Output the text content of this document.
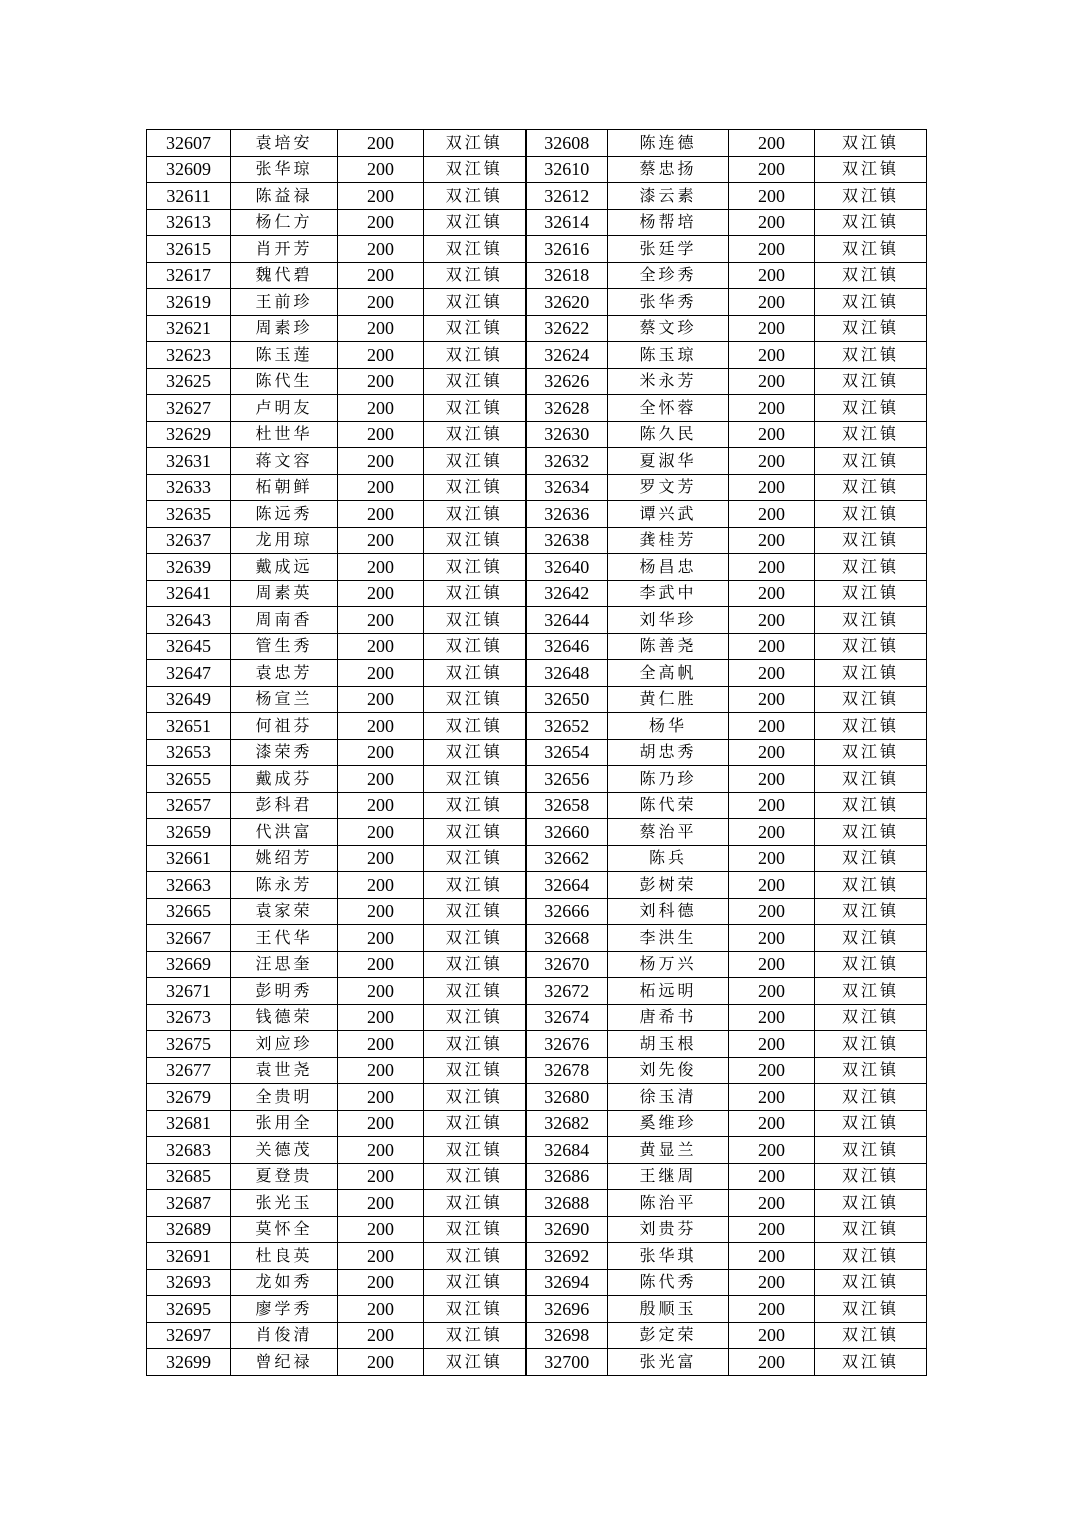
32607	袁培安	200	双江镇	32608	陈连德	200	双江镇
32609	张华琼	200	双江镇	32610	蔡忠扬	200	双江镇
32611	陈益禄	200	双江镇	32612	漆云素	200	双江镇
32613	杨仁方	200	双江镇	32614	杨帮培	200	双江镇
32615	肖开芳	200	双江镇	32616	张廷学	200	双江镇
32617	魏代碧	200	双江镇	32618	全珍秀	200	双江镇
32619	王前珍	200	双江镇	32620	张华秀	200	双江镇
32621	周素珍	200	双江镇	32622	蔡文珍	200	双江镇
32623	陈玉莲	200	双江镇	32624	陈玉琼	200	双江镇
32625	陈代生	200	双江镇	32626	米永芳	200	双江镇
32627	卢明友	200	双江镇	32628	全怀蓉	200	双江镇
32629	杜世华	200	双江镇	32630	陈久民	200	双江镇
32631	蒋文容	200	双江镇	32632	夏淑华	200	双江镇
32633	柘朝鲜	200	双江镇	32634	罗文芳	200	双江镇
32635	陈远秀	200	双江镇	32636	谭兴武	200	双江镇
32637	龙用琼	200	双江镇	32638	龚桂芳	200	双江镇
32639	戴成远	200	双江镇	32640	杨昌忠	200	双江镇
32641	周素英	200	双江镇	32642	李武中	200	双江镇
32643	周南香	200	双江镇	32644	刘华珍	200	双江镇
32645	管生秀	200	双江镇	32646	陈善尧	200	双江镇
32647	袁忠芳	200	双江镇	32648	全高帆	200	双江镇
32649	杨宣兰	200	双江镇	32650	黄仁胜	200	双江镇
32651	何祖芬	200	双江镇	32652	杨华	200	双江镇
32653	漆荣秀	200	双江镇	32654	胡忠秀	200	双江镇
32655	戴成芬	200	双江镇	32656	陈乃珍	200	双江镇
32657	彭科君	200	双江镇	32658	陈代荣	200	双江镇
32659	代洪富	200	双江镇	32660	蔡治平	200	双江镇
32661	姚绍芳	200	双江镇	32662	陈兵	200	双江镇
32663	陈永芳	200	双江镇	32664	彭树荣	200	双江镇
32665	袁家荣	200	双江镇	32666	刘科德	200	双江镇
32667	王代华	200	双江镇	32668	李洪生	200	双江镇
32669	汪思奎	200	双江镇	32670	杨万兴	200	双江镇
32671	彭明秀	200	双江镇	32672	柘远明	200	双江镇
32673	钱德荣	200	双江镇	32674	唐希书	200	双江镇
32675	刘应珍	200	双江镇	32676	胡玉根	200	双江镇
32677	袁世尧	200	双江镇	32678	刘先俊	200	双江镇
32679	全贵明	200	双江镇	32680	徐玉清	200	双江镇
32681	张用全	200	双江镇	32682	奚维珍	200	双江镇
32683	关德茂	200	双江镇	32684	黄显兰	200	双江镇
32685	夏登贵	200	双江镇	32686	王继周	200	双江镇
32687	张光玉	200	双江镇	32688	陈治平	200	双江镇
32689	莫怀全	200	双江镇	32690	刘贵芬	200	双江镇
32691	杜良英	200	双江镇	32692	张华琪	200	双江镇
32693	龙如秀	200	双江镇	32694	陈代秀	200	双江镇
32695	廖学秀	200	双江镇	32696	殷顺玉	200	双江镇
32697	肖俊清	200	双江镇	32698	彭定荣	200	双江镇
32699	曾纪禄	200	双江镇	32700	张光富	200	双江镇
